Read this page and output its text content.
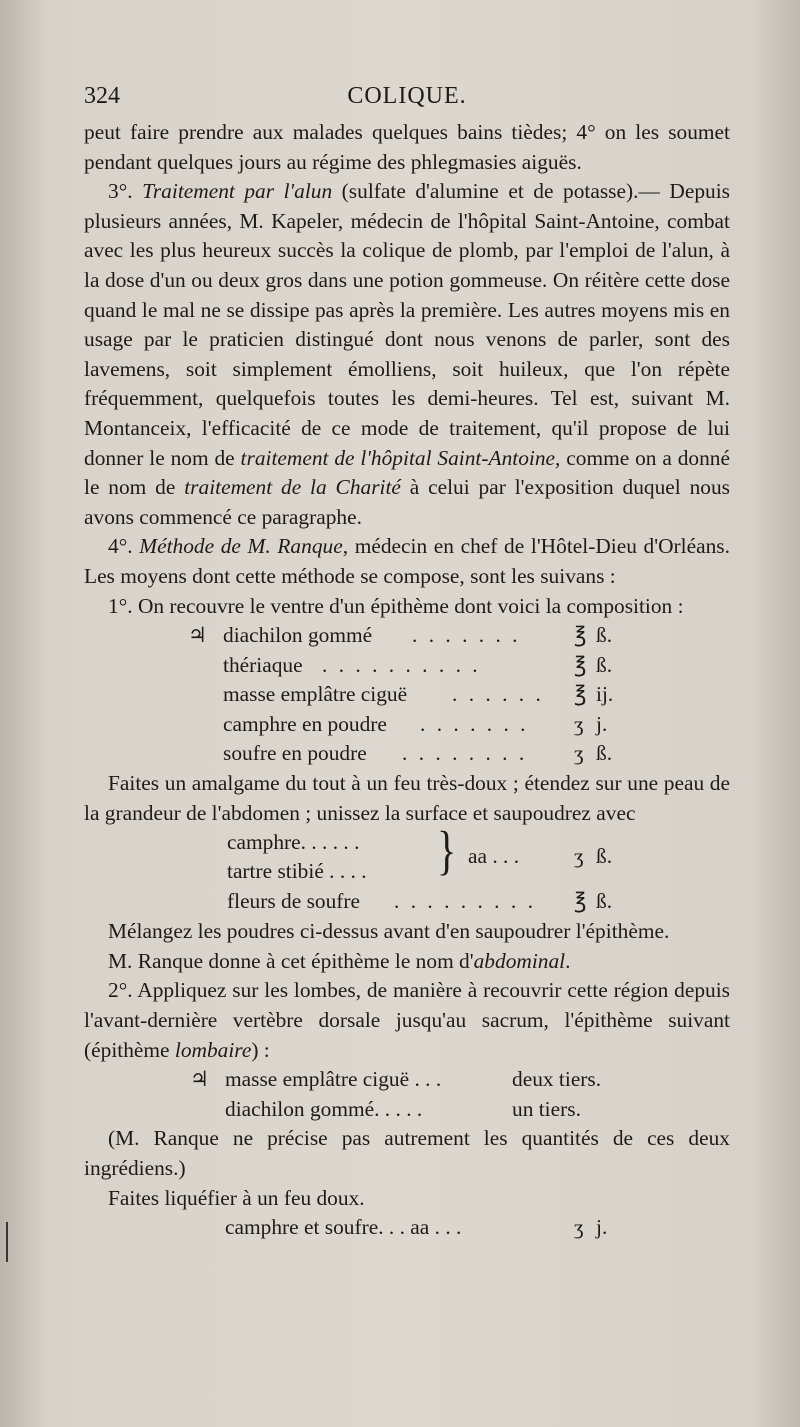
324	COLIQUE.

peut faire prendre aux malades quelques bains tièdes; 4° on les soumet pendant quelques jours au régime des phlegmasies aiguës.

3°. Traitement par l'alun (sulfate d'alumine et de potasse).— Depuis plusieurs années, M. Kapeler, médecin de l'hôpital Saint-Antoine, combat avec les plus heureux succès la colique de plomb, par l'emploi de l'alun, à la dose d'un ou deux gros dans une potion gommeuse. On réitère cette dose quand le mal ne se dissipe pas après la première. Les autres moyens mis en usage par le praticien distingué dont nous venons de parler, sont des lavemens, soit simplement émolliens, soit huileux, que l'on répète fréquemment, quelquefois toutes les demi-heures. Tel est, suivant M. Montanceix, l'efficacité de ce mode de traitement, qu'il propose de lui donner le nom de traitement de l'hôpital Saint-Antoine, comme on a donné le nom de traitement de la Charité à celui par l'exposition duquel nous avons commencé ce paragraphe.

4°. Méthode de M. Ranque, médecin en chef de l'Hôtel-Dieu d'Orléans. Les moyens dont cette méthode se compose, sont les suivans :

1°. On recouvre le ventre d'un épithème dont voici la composition :

♃ diachilon gommé . . . . . . . ℥ ß.
thériaque . . . . . . . . . .	℥ ß.
masse emplâtre ciguë . . . . . . ℥ ij.
camphre en poudre . . . . . . . ʒ j.
soufre en poudre . . . . . . . . ʒ ß.

Faites un amalgame du tout à un feu très-doux ; étendez sur une peau de la grandeur de l'abdomen ; unissez la surface et saupoudrez avec

camphre. . . . . .
tartre stibié . . . . } aa . . .	ʒ ß.
fleurs de soufre . . . . . . . . . ℥ ß.

Mélangez les poudres ci-dessus avant d'en saupoudrer l'épithème.

M. Ranque donne à cet épithème le nom d'abdominal.

2°. Appliquez sur les lombes, de manière à recouvrir cette région depuis l'avant-dernière vertèbre dorsale jusqu'au sacrum, l'épithème suivant (épithème lombaire) :

♃ masse emplâtre ciguë . . .	deux tiers.
diachilon gommé. . . . .	un tiers.

(M. Ranque ne précise pas autrement les quantités de ces deux ingrédiens.)

Faites liquéfier à un feu doux.

camphre et soufre. . . aa . . .	ʒ j.
